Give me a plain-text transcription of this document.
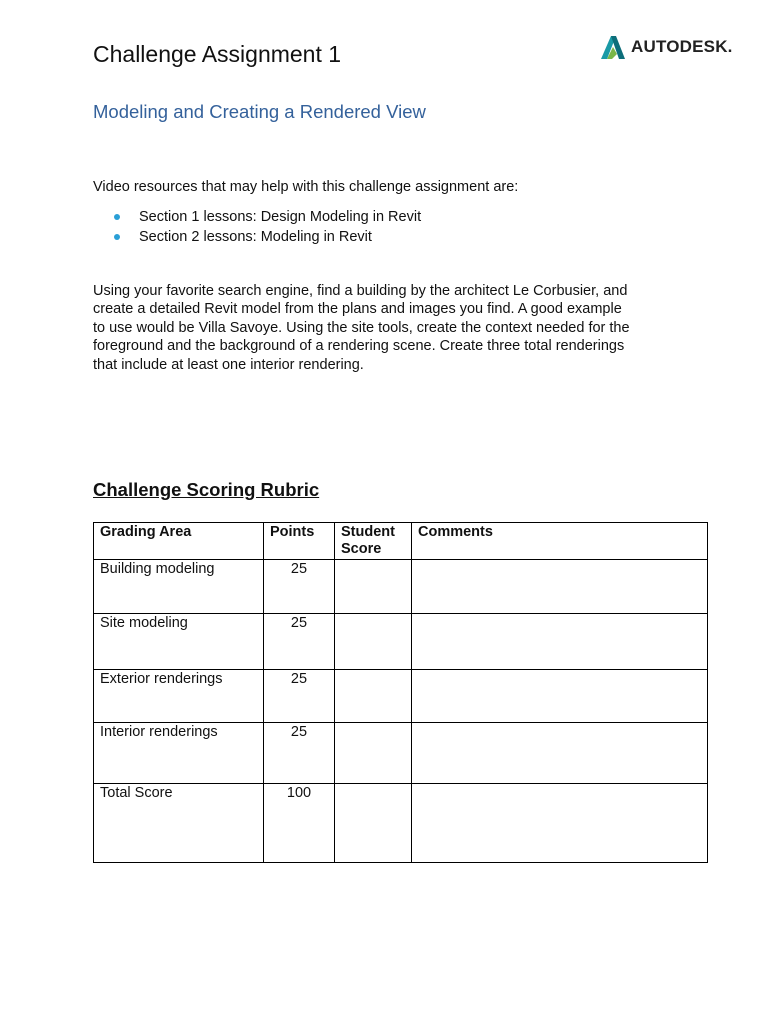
Challenge Assignment 1	AUTODESK.
Modeling and Creating a Rendered View
Video resources that may help with this challenge assignment are:
Section 1 lessons: Design Modeling in Revit
Section 2 lessons: Modeling in Revit
Using your favorite search engine, find a building by the architect Le Corbusier, and
create a detailed Revit model from the plans and images you find. A good example
to use would be Villa Savoye. Using the site tools, create the context needed for the
foreground and the background of a rendering scene. Create three total renderings
that include at least one interior rendering.
Challenge Scoring Rubric
Grading Area	Points	Student Score	Comments
Building modeling	25		
Site modeling	25		
Exterior renderings	25		
Interior renderings	25		
Total Score	100		
